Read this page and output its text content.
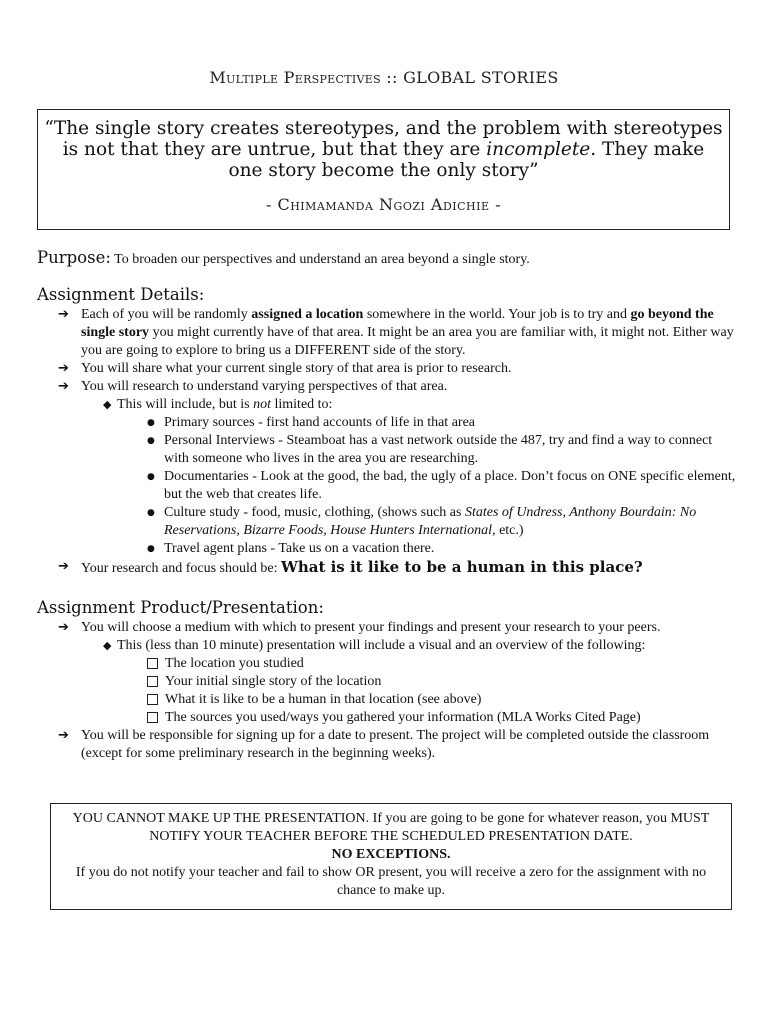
Multiple Perspectives :: GLOBAL STORIES
“The single story creates stereotypes, and the problem with stereotypes is not that they are untrue, but that they are incomplete. They make one story become the only story”
- Chimamanda Ngozi Adichie -
Purpose: To broaden our perspectives and understand an area beyond a single story.
Assignment Details:
➔ Each of you will be randomly assigned a location somewhere in the world. Your job is to try and go beyond the single story you might currently have of that area. It might be an area you are familiar with, it might not. Either way you are going to explore to bring us a DIFFERENT side of the story.
➔ You will share what your current single story of that area is prior to research.
➔ You will research to understand varying perspectives of that area.
◆ This will include, but is not limited to:
● Primary sources - first hand accounts of life in that area
● Personal Interviews - Steamboat has a vast network outside the 487, try and find a way to connect with someone who lives in the area you are researching.
● Documentaries - Look at the good, the bad, the ugly of a place. Don’t focus on ONE specific element, but the web that creates life.
● Culture study - food, music, clothing, (shows such as States of Undress, Anthony Bourdain: No Reservations, Bizarre Foods, House Hunters International, etc.)
● Travel agent plans - Take us on a vacation there.
➔ Your research and focus should be: What is it like to be a human in this place?
Assignment Product/Presentation:
➔ You will choose a medium with which to present your findings and present your research to your peers.
◆ This (less than 10 minute) presentation will include a visual and an overview of the following:
The location you studied
Your initial single story of the location
What it is like to be a human in that location (see above)
The sources you used/ways you gathered your information (MLA Works Cited Page)
➔ You will be responsible for signing up for a date to present. The project will be completed outside the classroom (except for some preliminary research in the beginning weeks).
YOU CANNOT MAKE UP THE PRESENTATION. If you are going to be gone for whatever reason, you MUST NOTIFY YOUR TEACHER BEFORE THE SCHEDULED PRESENTATION DATE.
NO EXCEPTIONS.
If you do not notify your teacher and fail to show OR present, you will receive a zero for the assignment with no chance to make up.
